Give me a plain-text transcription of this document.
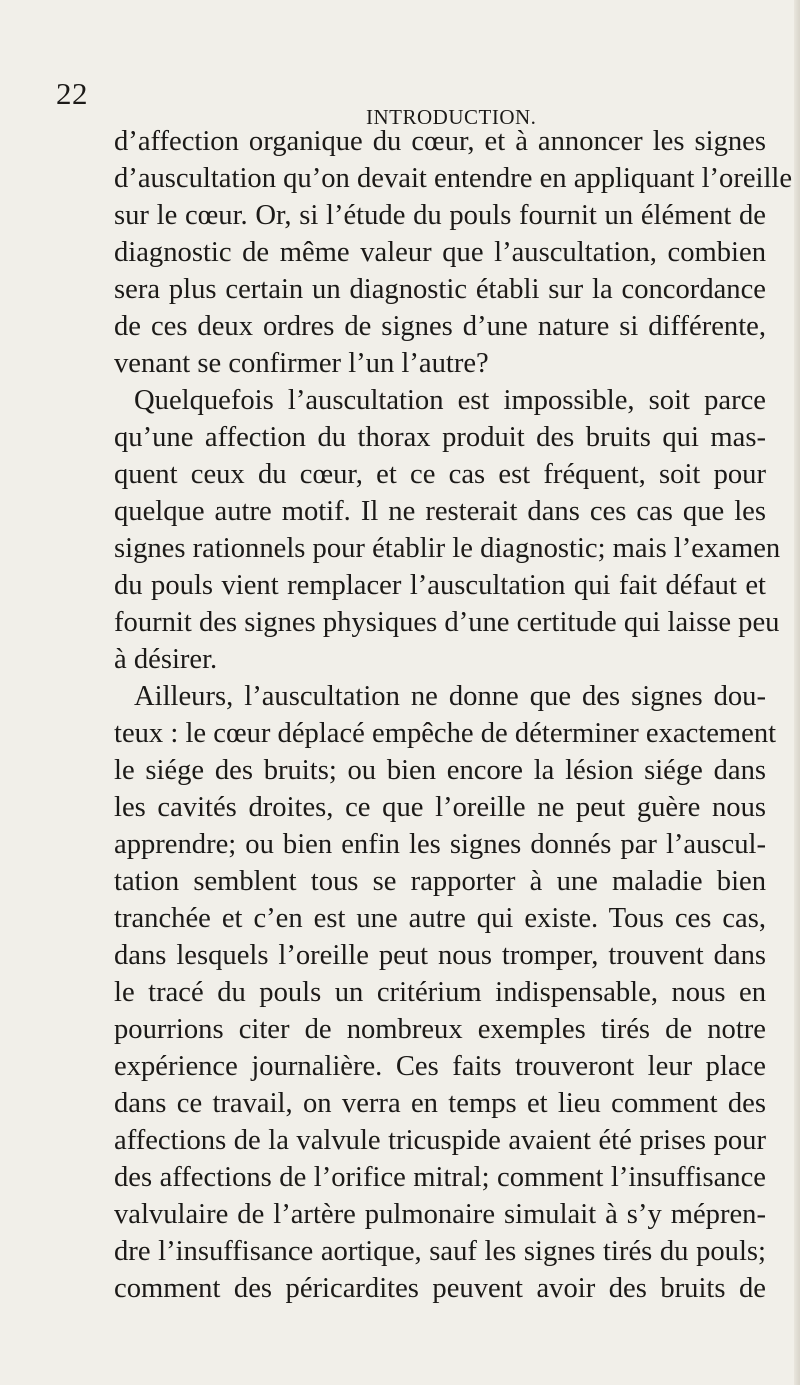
22
INTRODUCTION.
d’affection organique du cœur, et à annoncer les signes
d’auscultation qu’on devait entendre en appliquant l’oreille
sur le cœur. Or, si l’étude du pouls fournit un élément de
diagnostic de même valeur que l’auscultation, combien
sera plus certain un diagnostic établi sur la concordance
de ces deux ordres de signes d’une nature si différente,
venant se confirmer l’un l’autre?
Quelquefois l’auscultation est impossible, soit parce
qu’une affection du thorax produit des bruits qui mas-
quent ceux du cœur, et ce cas est fréquent, soit pour
quelque autre motif. Il ne resterait dans ces cas que les
signes rationnels pour établir le diagnostic; mais l’examen
du pouls vient remplacer l’auscultation qui fait défaut et
fournit des signes physiques d’une certitude qui laisse peu
à désirer.
Ailleurs, l’auscultation ne donne que des signes dou-
teux : le cœur déplacé empêche de déterminer exactement
le siége des bruits; ou bien encore la lésion siége dans
les cavités droites, ce que l’oreille ne peut guère nous
apprendre; ou bien enfin les signes donnés par l’auscul-
tation semblent tous se rapporter à une maladie bien
tranchée et c’en est une autre qui existe. Tous ces cas,
dans lesquels l’oreille peut nous tromper, trouvent dans
le tracé du pouls un critérium indispensable, nous en
pourrions citer de nombreux exemples tirés de notre
expérience journalière. Ces faits trouveront leur place
dans ce travail, on verra en temps et lieu comment des
affections de la valvule tricuspide avaient été prises pour
des affections de l’orifice mitral; comment l’insuffisance
valvulaire de l’artère pulmonaire simulait à s’y mépren-
dre l’insuffisance aortique, sauf les signes tirés du pouls;
comment des péricardites peuvent avoir des bruits de
